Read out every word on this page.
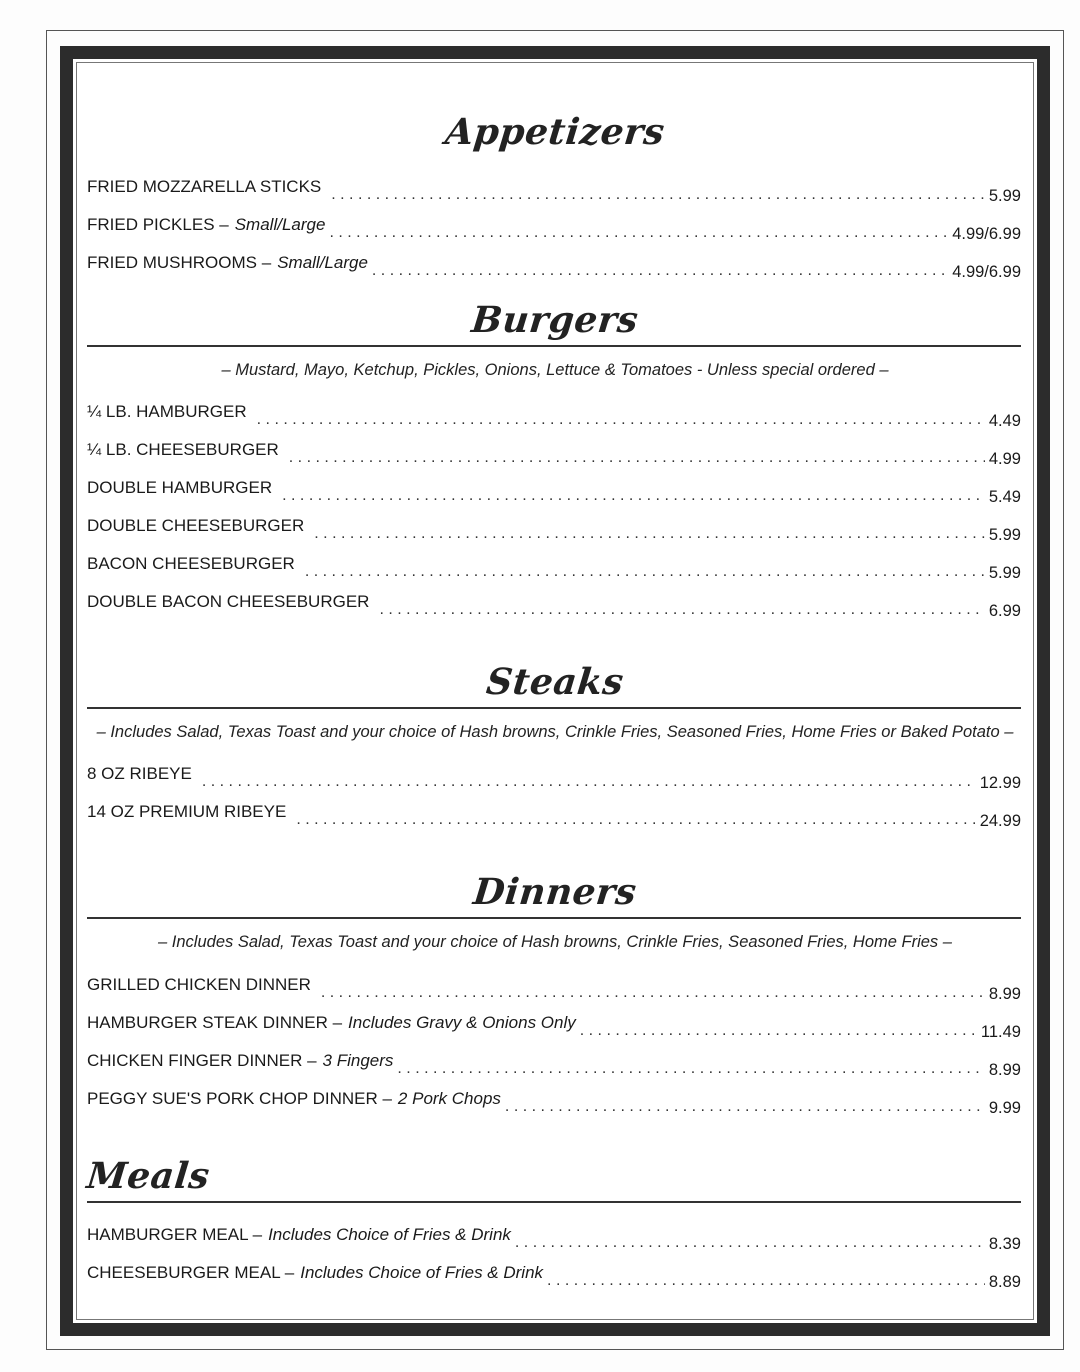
Appetizers
FRIED MOZZARELLA STICKS . . .	5.99
FRIED PICKLES – Small/Large . . .	4.99/6.99
FRIED MUSHROOMS – Small/Large . . .	4.99/6.99
Burgers
– Mustard, Mayo, Ketchup, Pickles, Onions, Lettuce & Tomatoes - Unless special ordered –
¼ LB. HAMBURGER . . .	4.49
¼ LB. CHEESEBURGER . . .	4.99
DOUBLE HAMBURGER . . .	5.49
DOUBLE CHEESEBURGER . . .	5.99
BACON CHEESEBURGER . . .	5.99
DOUBLE BACON CHEESEBURGER . . .	6.99
Steaks
– Includes Salad, Texas Toast and your choice of Hash browns, Crinkle Fries, Seasoned Fries, Home Fries or Baked Potato –
8 OZ RIBEYE . . .	12.99
14 OZ PREMIUM RIBEYE . . .	24.99
Dinners
– Includes Salad, Texas Toast and your choice of Hash browns, Crinkle Fries, Seasoned Fries, Home Fries –
GRILLED CHICKEN DINNER . . .	8.99
HAMBURGER STEAK DINNER – Includes Gravy & Onions Only . . .	11.49
CHICKEN FINGER DINNER – 3 Fingers . . .	8.99
PEGGY SUE'S PORK CHOP DINNER – 2 Pork Chops . . .	9.99
Meals
HAMBURGER MEAL – Includes Choice of Fries & Drink . . .	8.39
CHEESEBURGER MEAL – Includes Choice of Fries & Drink . . .	8.89
